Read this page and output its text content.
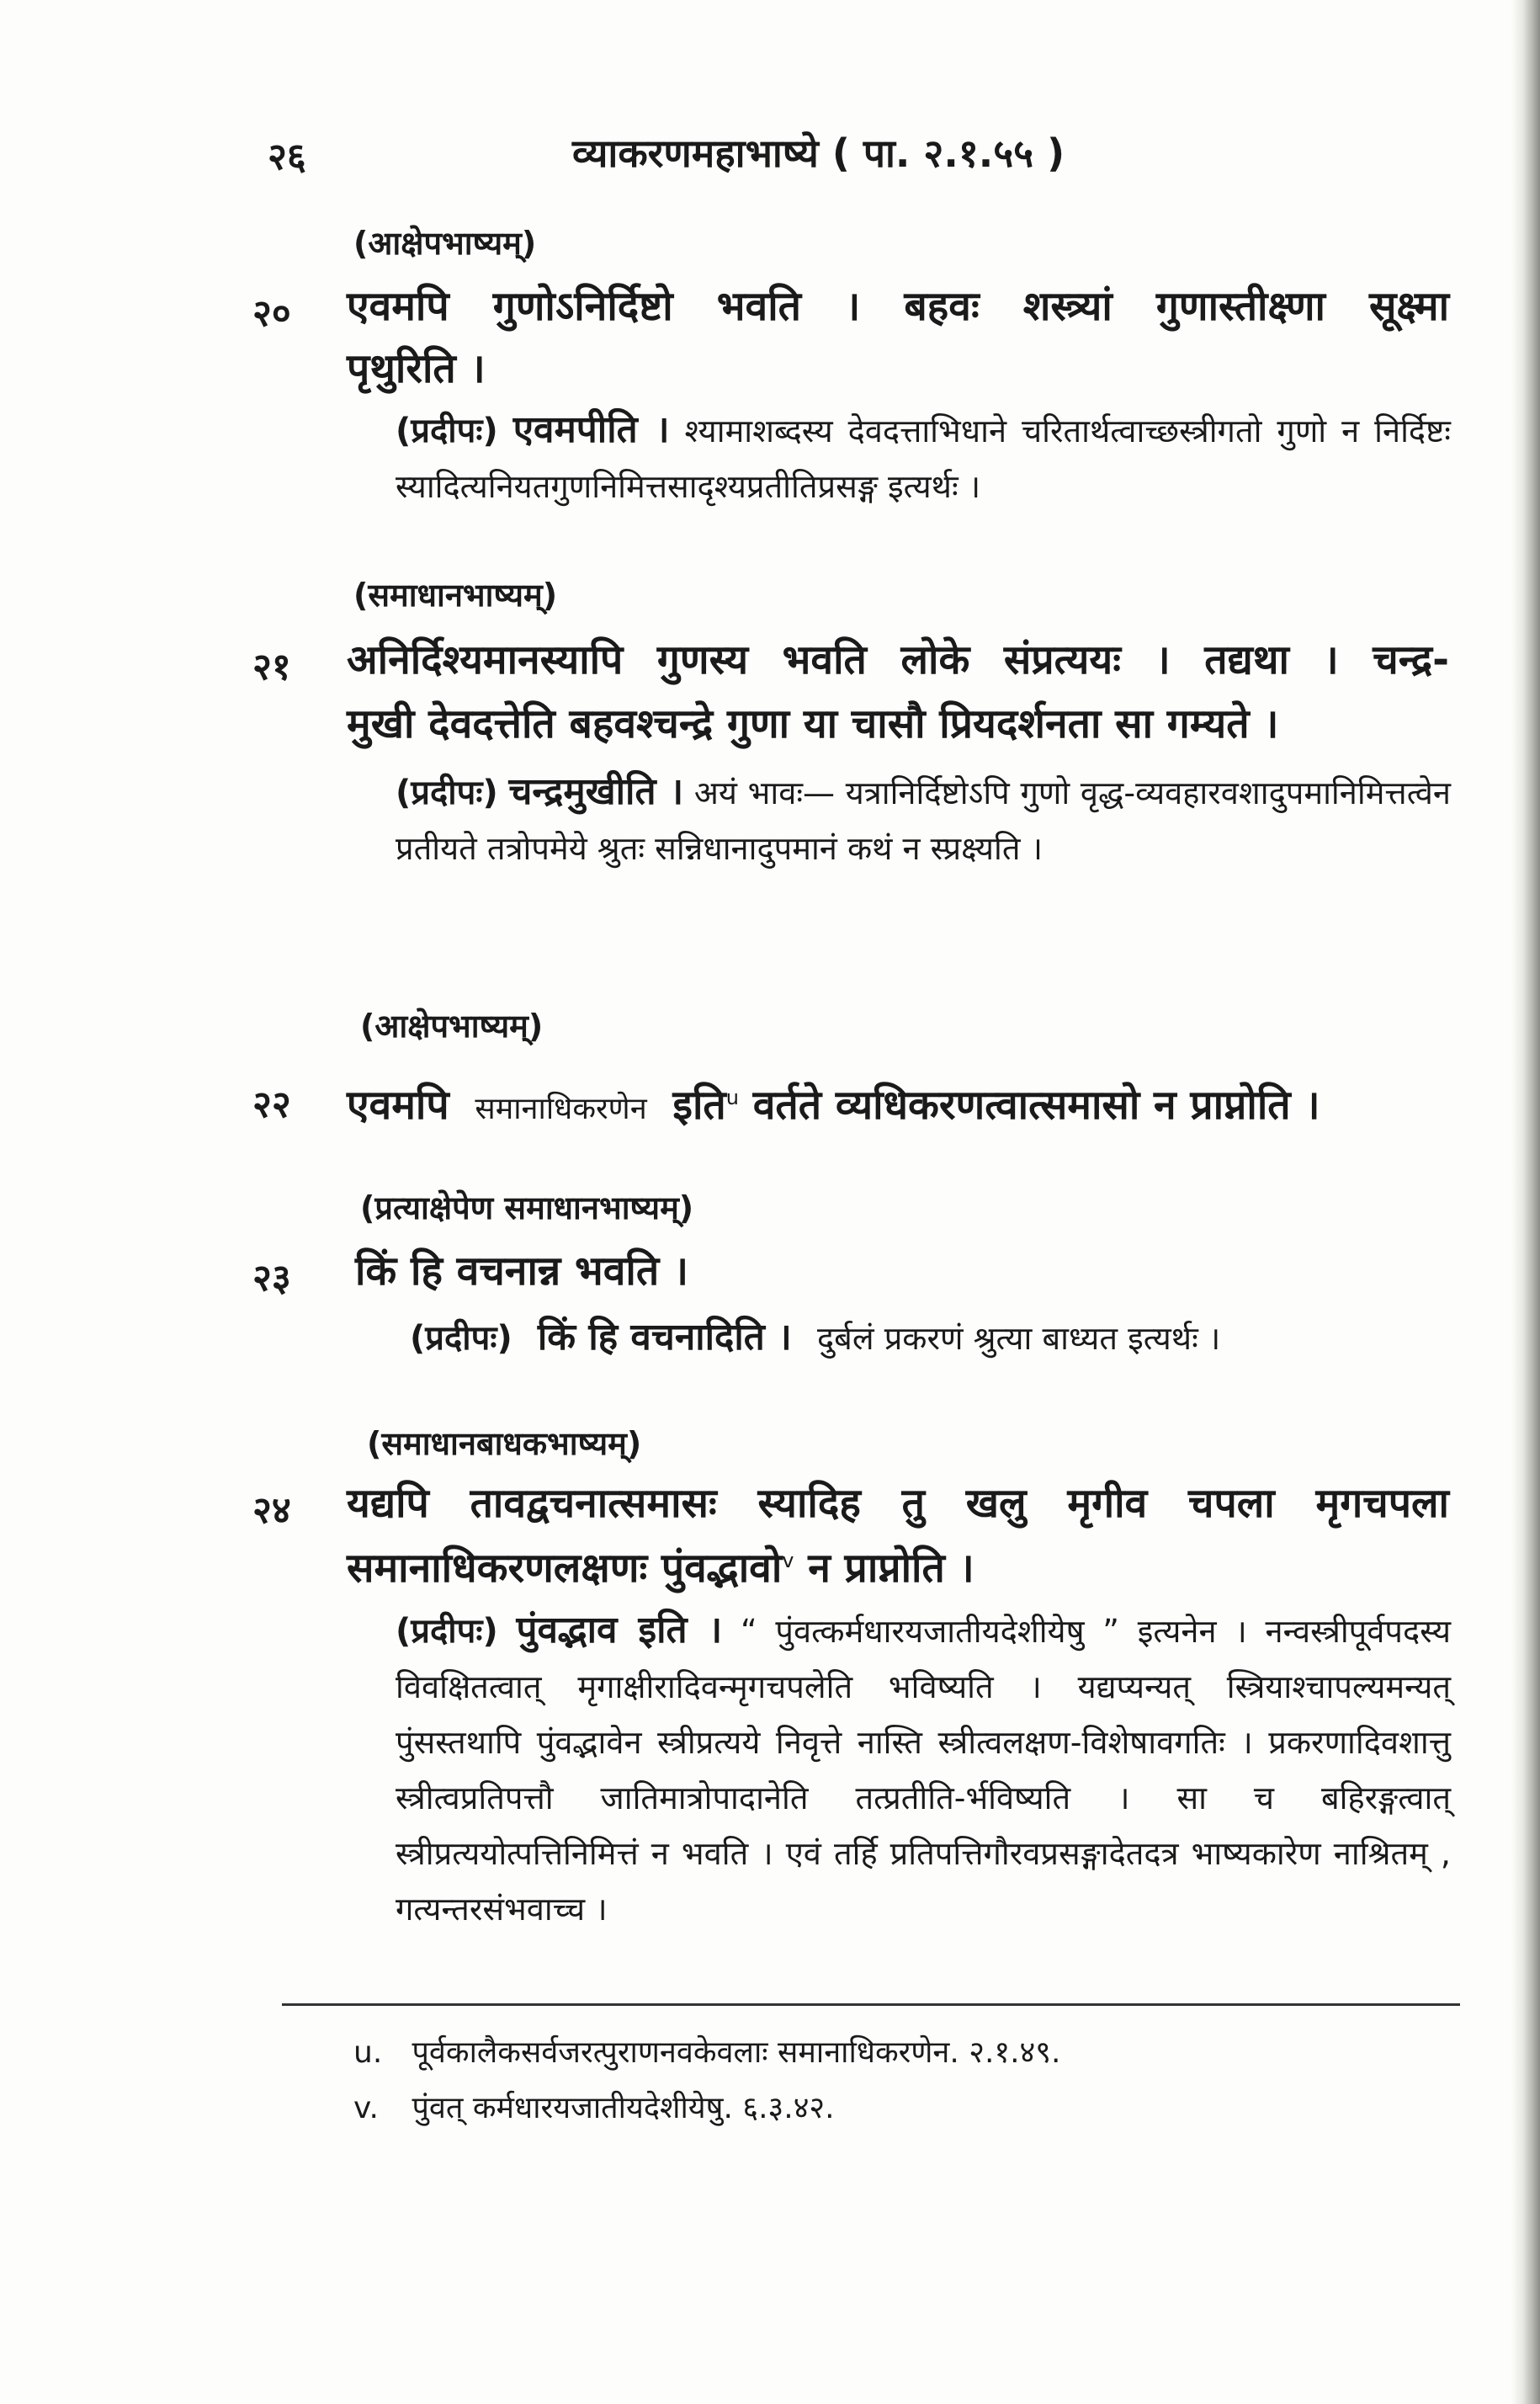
२६	व्याकरणमहाभाष्ये ( पा. २.१.५५ )
(आक्षेपभाष्यम्)
२० एवमपि गुणोऽनिर्दिष्टो भवति । बहवः शस्त्र्यां गुणास्तीक्ष्णा सूक्ष्मा
पृथुरिति ।
(प्रदीपः) एवमपीति । श्यामाशब्दस्य देवदत्ताभिधाने चरितार्थत्वाच्छस्त्रीगतो गुणो न निर्दिष्टः स्यादित्यनियतगुणनिमित्तसादृश्यप्रतीतिप्रसङ्ग इत्यर्थः ।
(समाधानभाष्यम्)
२१ अनिर्दिश्यमानस्यापि गुणस्य भवति लोके संप्रत्ययः । तद्यथा । चन्द्र-
मुखी देवदत्तेति बहवश्चन्द्रे गुणा या चासौ प्रियदर्शनता सा गम्यते ।
(प्रदीपः) चन्द्रमुखीति । अयं भावः— यत्रानिर्दिष्टोऽपि गुणो वृद्ध-व्यवहारवशादुपमानिमित्तत्वेन प्रतीयते तत्रोपमेये श्रुतः सन्निधानादुपमानं कथं न स्प्रक्ष्यति ।
(आक्षेपभाष्यम्)
२२ एवमपि समानाधिकरणेन इति$^u$ वर्तते व्यधिकरणत्वात्समासो न प्राप्नोति ।
(प्रत्याक्षेपेण समाधानभाष्यम्)
२३ किं हि वचनान्न भवति ।
(प्रदीपः) किं हि वचनादिति । दुर्बलं प्रकरणं श्रुत्या बाध्यत इत्यर्थः ।
(समाधानबाधकभाष्यम्)
२४ यद्यपि तावद्वचनात्समासः स्यादिह तु खलु मृगीव चपला मृगचपला
समानाधिकरणलक्षणः पुंवद्भावो$^v$ न प्राप्नोति ।
(प्रदीपः) पुंवद्भाव इति । “ पुंवत्कर्मधारयजातीयदेशीयेषु ” इत्यनेन । नन्वस्त्रीपूर्वपदस्य विवक्षितत्वात् मृगाक्षीरादिवन्मृगचपलेति भविष्यति । यद्यप्यन्यत् स्त्रियाश्चापल्यमन्यत् पुंसस्तथापि पुंवद्भावेन स्त्रीप्रत्यये निवृत्ते नास्ति स्त्रीत्वलक्षण-विशेषावगतिः । प्रकरणादिवशात्तु स्त्रीत्वप्रतिपत्तौ जातिमात्रोपादानेति तत्प्रतीति-र्भविष्यति । सा च बहिरङ्गत्वात् स्त्रीप्रत्ययोत्पत्तिनिमित्तं न भवति । एवं तर्हि प्रतिपत्तिगौरवप्रसङ्गादेतदत्र भाष्यकारेण नाश्रितम् , गत्यन्तरसंभवाच्च ।
u. पूर्वकालैकसर्वजरत्पुराणनवकेवलाः समानाधिकरणेन. २.१.४९.
v. पुंवत् कर्मधारयजातीयदेशीयेषु. ६.३.४२.
